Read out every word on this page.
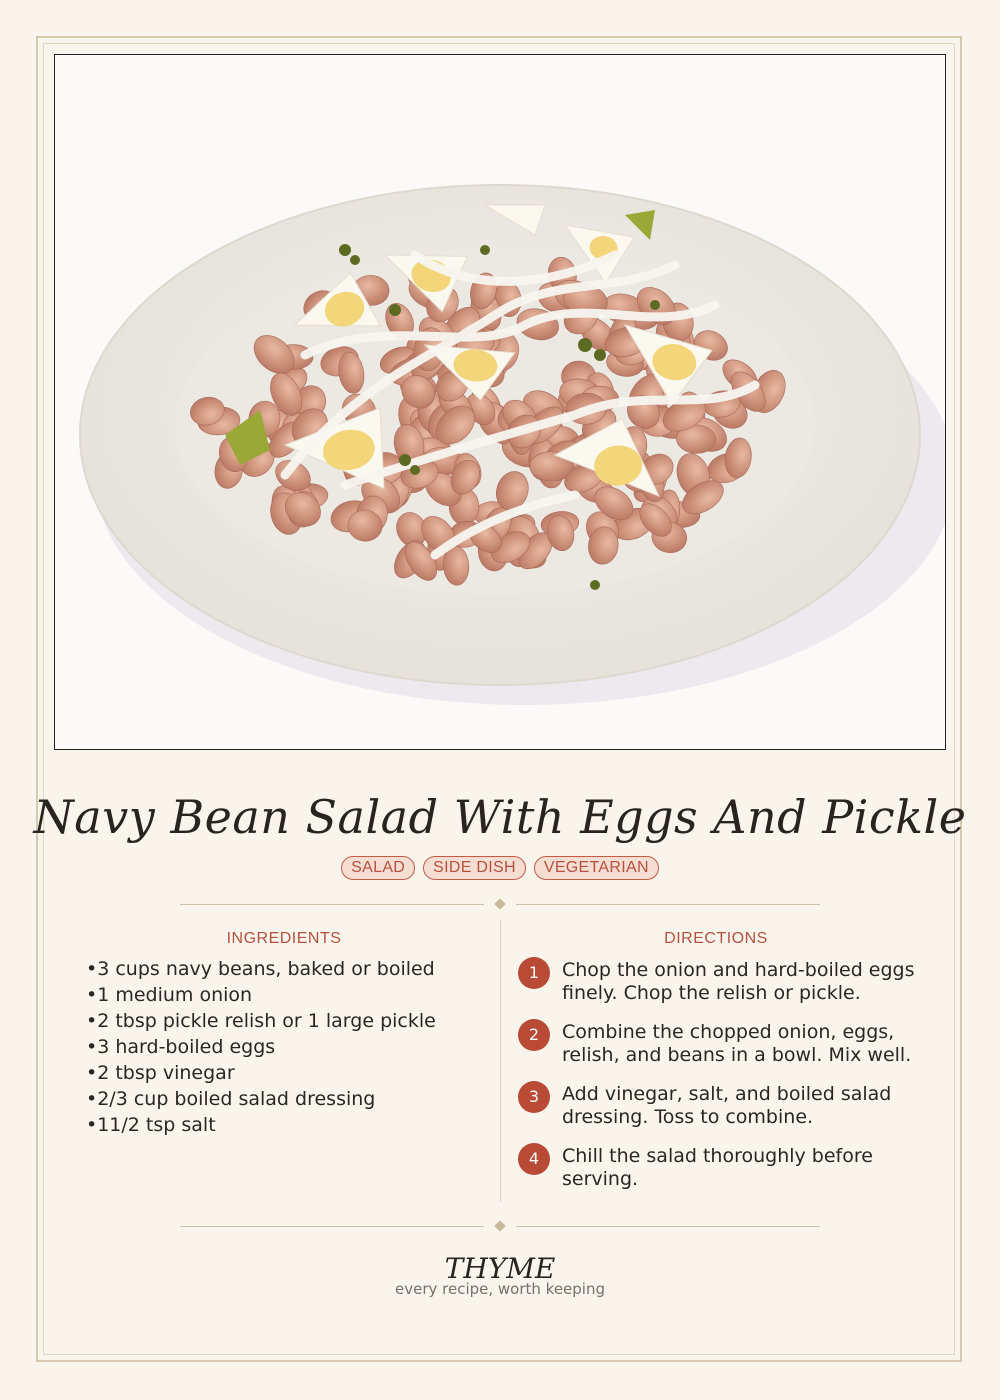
Navy Bean Salad With Eggs And Pickle
SALAD	SIDE DISH	VEGETARIAN
INGREDIENTS	DIRECTIONS
• 3 cups navy beans, baked or boiled
• 1 medium onion
• 2 tbsp pickle relish or 1 large pickle
• 3 hard-boiled eggs
• 2 tbsp vinegar
• 2/3 cup boiled salad dressing
• 11/2 tsp salt
1	Chop the onion and hard-boiled eggs finely. Chop the relish or pickle.
2	Combine the chopped onion, eggs, relish, and beans in a bowl. Mix well.
3	Add vinegar, salt, and boiled salad dressing. Toss to combine.
4	Chill the salad thoroughly before serving.
THYME
every recipe, worth keeping
